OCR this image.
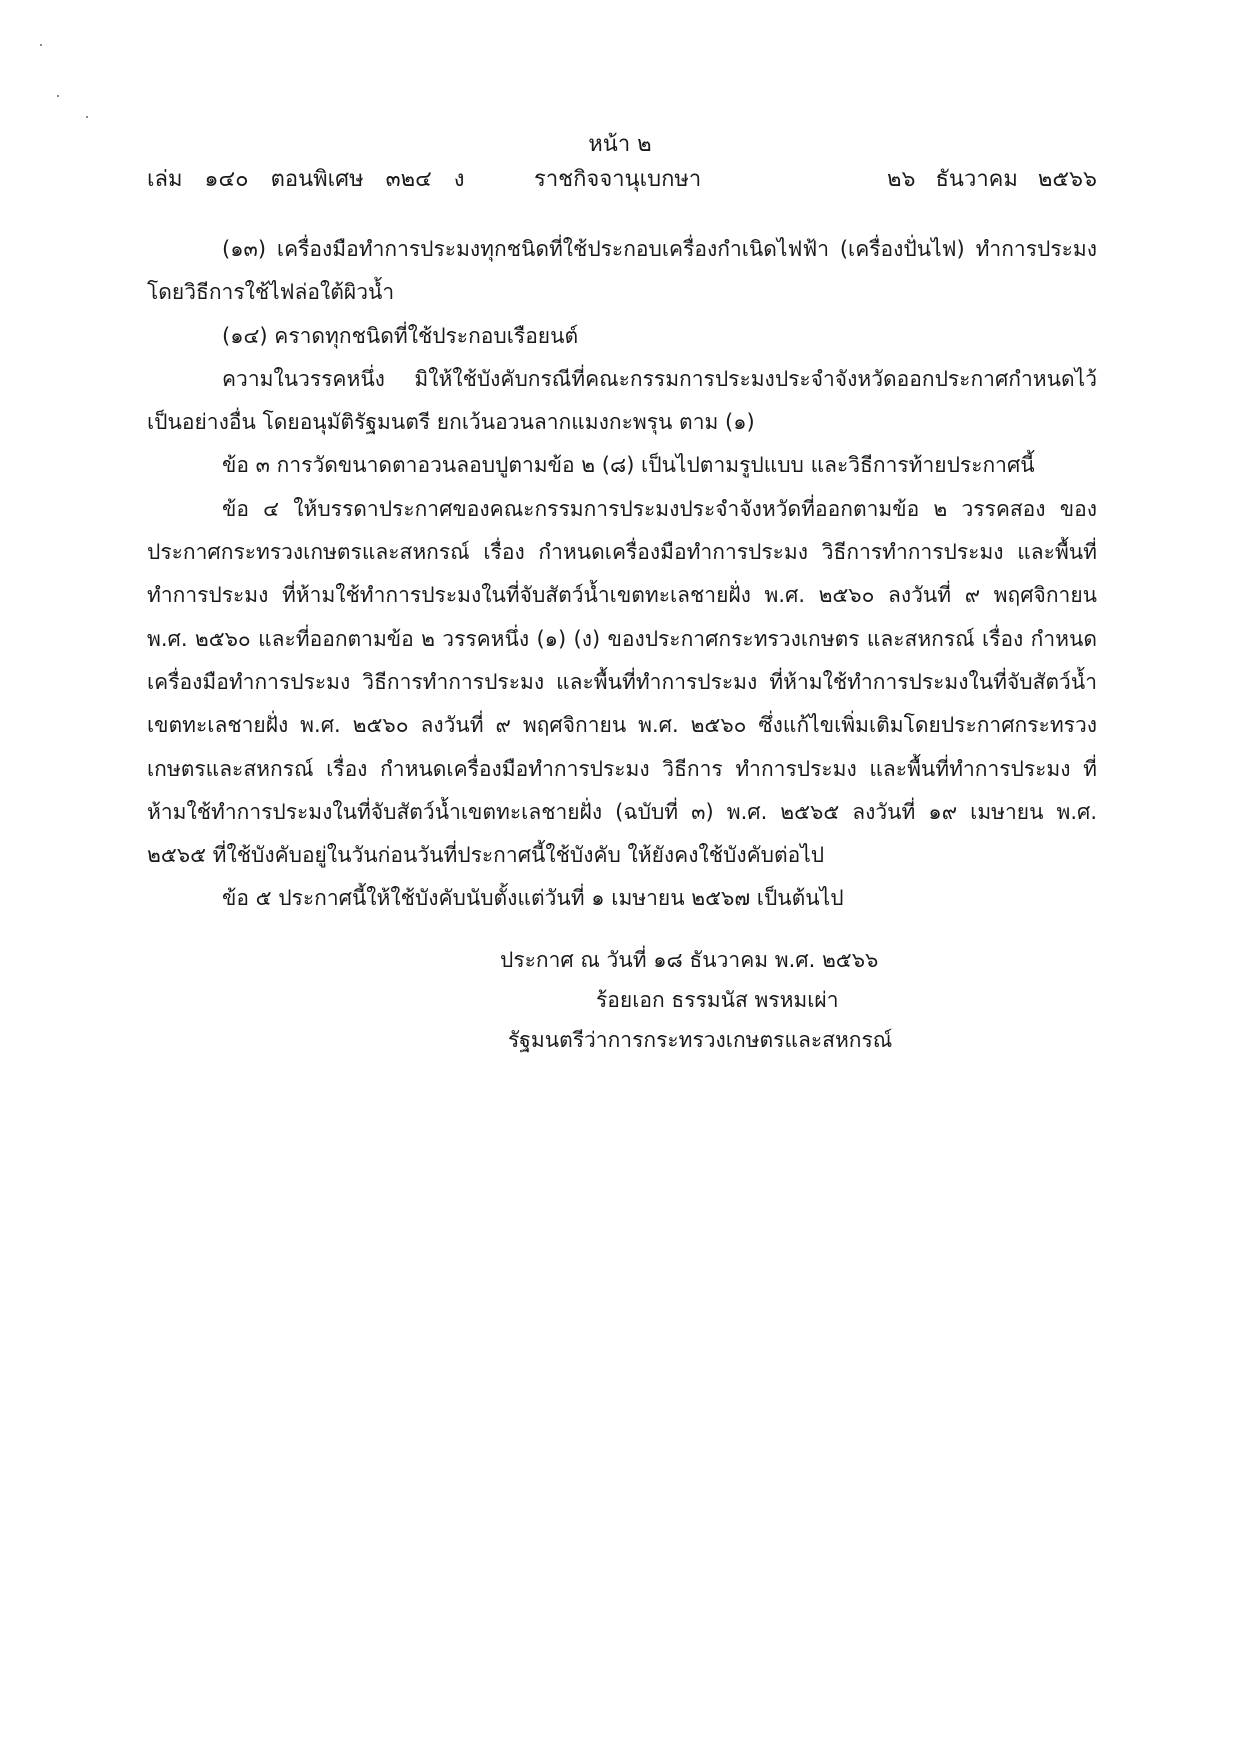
หน้า ๒
เล่ม ๑๔๐ ตอนพิเศษ ๓๒๔ ง	ราชกิจจานุเบกษา	๒๖ ธันวาคม ๒๕๖๖

(๑๓) เครื่องมือทำการประมงทุกชนิดที่ใช้ประกอบเครื่องกำเนิดไฟฟ้า (เครื่องปั่นไฟ) ทำการประมง โดยวิธีการใช้ไฟล่อใต้ผิวน้ำ

(๑๔) คราดทุกชนิดที่ใช้ประกอบเรือยนต์

ความในวรรคหนึ่ง มิให้ใช้บังคับกรณีที่คณะกรรมการประมงประจำจังหวัดออกประกาศกำหนดไว้ เป็นอย่างอื่น โดยอนุมัติรัฐมนตรี ยกเว้นอวนลากแมงกะพรุน ตาม (๑)

ข้อ ๓ การวัดขนาดตาอวนลอบปูตามข้อ ๒ (๘) เป็นไปตามรูปแบบ และวิธีการท้ายประกาศนี้

ข้อ ๔ ให้บรรดาประกาศของคณะกรรมการประมงประจำจังหวัดที่ออกตามข้อ ๒ วรรคสอง ของประกาศกระทรวงเกษตรและสหกรณ์ เรื่อง กำหนดเครื่องมือทำการประมง วิธีการทำการประมง และพื้นที่ทำการประมง ที่ห้ามใช้ทำการประมงในที่จับสัตว์น้ำเขตทะเลชายฝั่ง พ.ศ. ๒๕๖๐ ลงวันที่ ๙ พฤศจิกายน พ.ศ. ๒๕๖๐ และที่ออกตามข้อ ๒ วรรคหนึ่ง (๑) (ง) ของประกาศกระทรวงเกษตร และสหกรณ์ เรื่อง กำหนดเครื่องมือทำการประมง วิธีการทำการประมง และพื้นที่ทำการประมง ที่ห้ามใช้ทำการประมงในที่จับสัตว์น้ำเขตทะเลชายฝั่ง พ.ศ. ๒๕๖๐ ลงวันที่ ๙ พฤศจิกายน พ.ศ. ๒๕๖๐ ซึ่งแก้ไขเพิ่มเติมโดยประกาศกระทรวงเกษตรและสหกรณ์ เรื่อง กำหนดเครื่องมือทำการประมง วิธีการ ทำการประมง และพื้นที่ทำการประมง ที่ห้ามใช้ทำการประมงในที่จับสัตว์น้ำเขตทะเลชายฝั่ง (ฉบับที่ ๓) พ.ศ. ๒๕๖๕ ลงวันที่ ๑๙ เมษายน พ.ศ. ๒๕๖๕ ที่ใช้บังคับอยู่ในวันก่อนวันที่ประกาศนี้ใช้บังคับ ให้ยังคงใช้บังคับต่อไป

ข้อ ๕ ประกาศนี้ให้ใช้บังคับนับตั้งแต่วันที่ ๑ เมษายน ๒๕๖๗ เป็นต้นไป

ประกาศ ณ วันที่ ๑๘ ธันวาคม พ.ศ. ๒๕๖๖
ร้อยเอก ธรรมนัส พรหมเผ่า
รัฐมนตรีว่าการกระทรวงเกษตรและสหกรณ์
